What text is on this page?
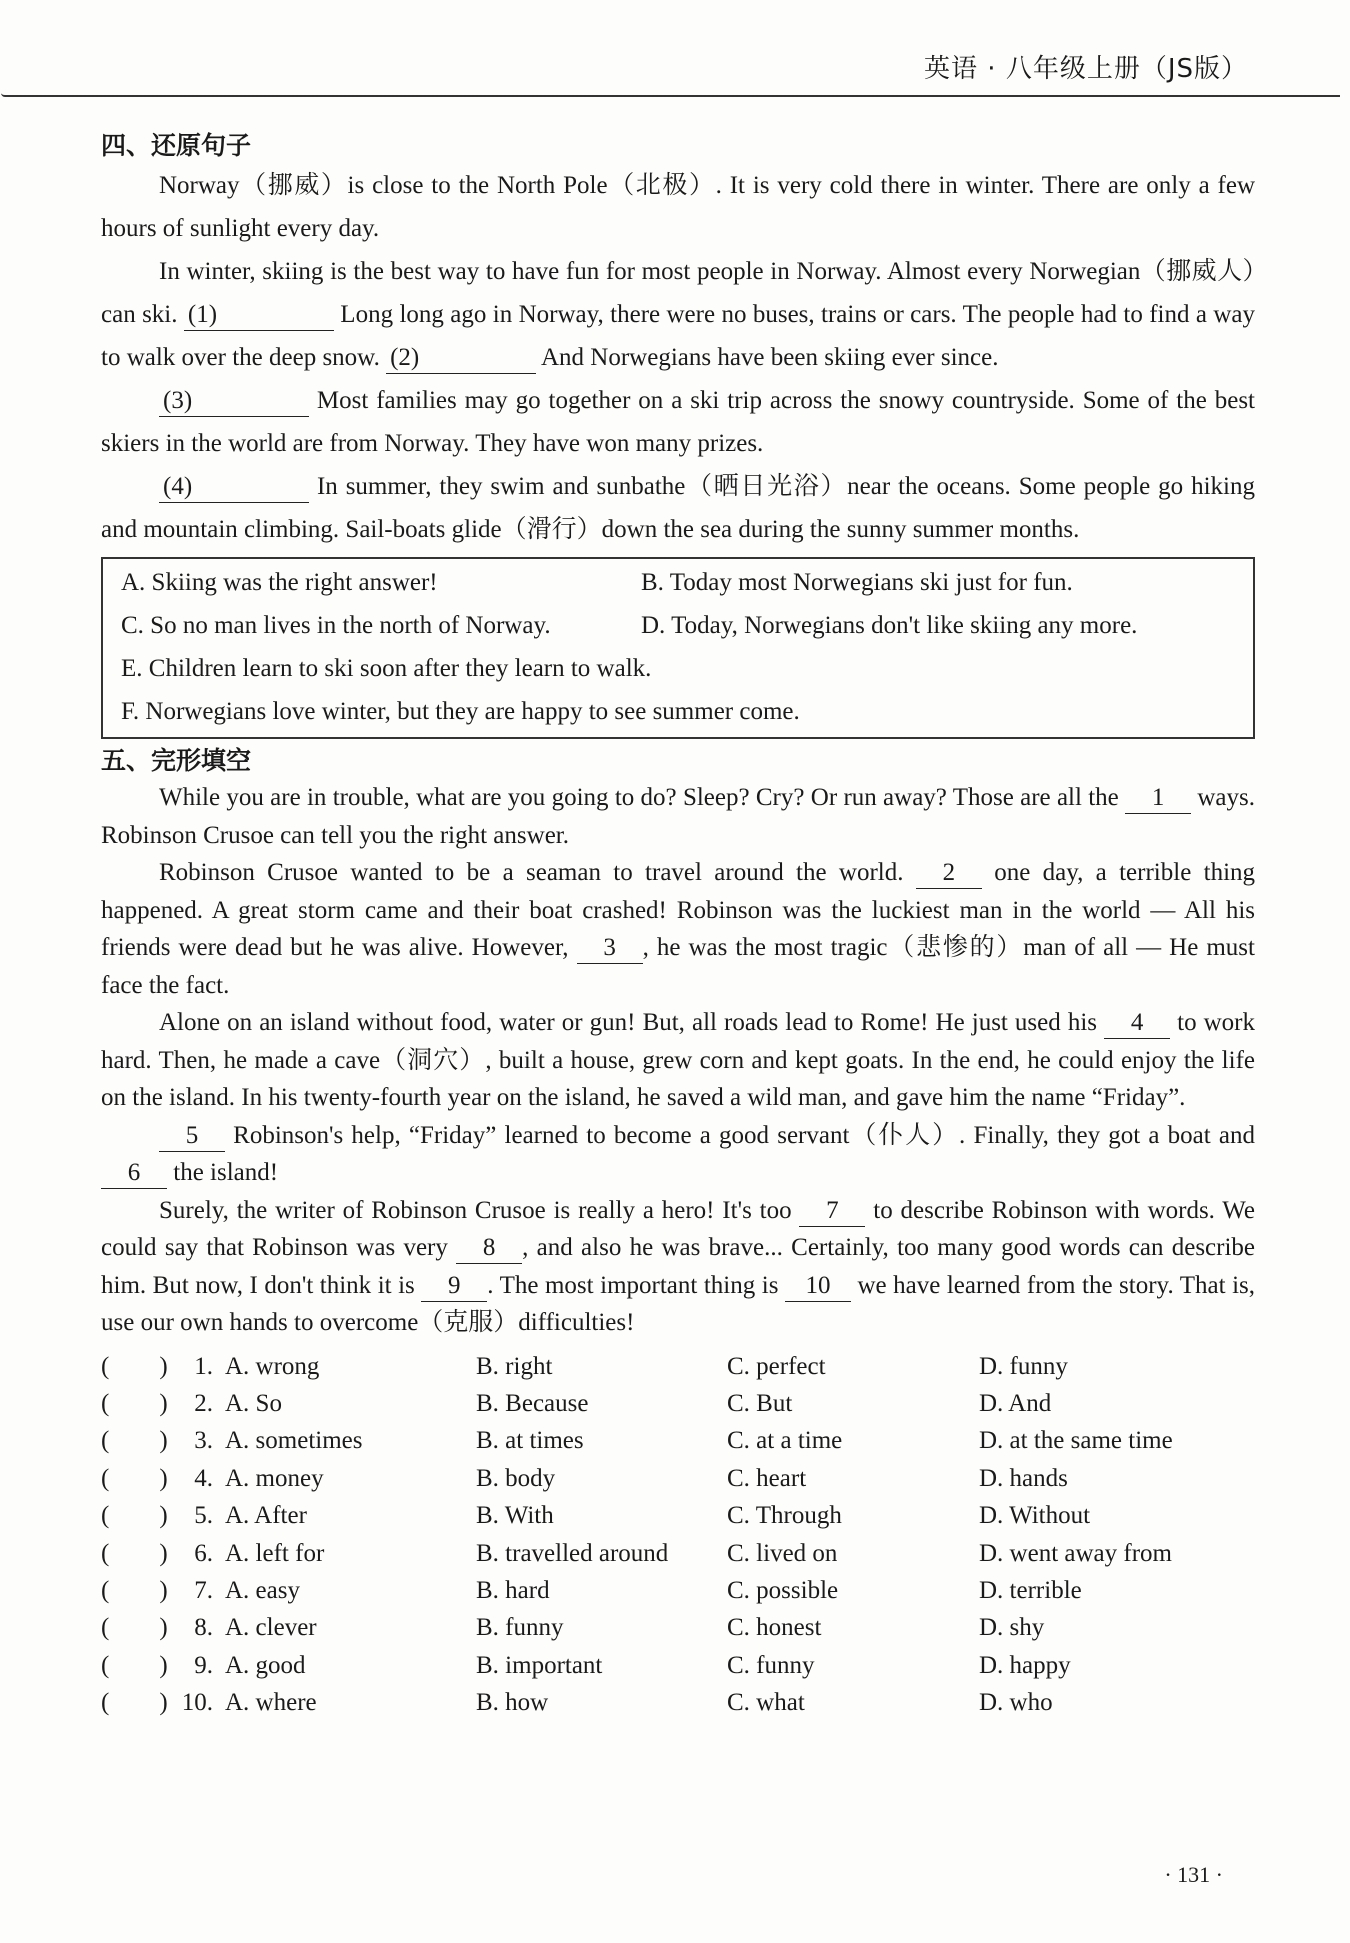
英语 · 八年级上册（JS版）
四、还原句子

Norway（挪威）is close to the North Pole（北极）. It is very cold there in winter. There are only a few hours of sunlight every day.

In winter, skiing is the best way to have fun for most people in Norway. Almost every Norwegian（挪威人）can ski. (1)	Long long ago in Norway, there were no buses, trains or cars. The people had to find a way to walk over the deep snow. (2)	And Norwegians have been skiing ever since.

(3)	Most families may go together on a ski trip across the snowy countryside. Some of the best skiers in the world are from Norway. They have won many prizes.

(4)	In summer, they swim and sunbathe（晒日光浴）near the oceans. Some people go hiking and mountain climbing. Sail-boats glide（滑行）down the sea during the sunny summer months.

A. Skiing was the right answer!	B. Today most Norwegians ski just for fun.
C. So no man lives in the north of Norway.	D. Today, Norwegians don't like skiing any more.
E. Children learn to ski soon after they learn to walk.
F. Norwegians love winter, but they are happy to see summer come.
五、完形填空

While you are in trouble, what are you going to do? Sleep? Cry? Or run away? Those are all the 1 ways. Robinson Crusoe can tell you the right answer.

Robinson Crusoe wanted to be a seaman to travel around the world. 2 one day, a terrible thing happened. A great storm came and their boat crashed! Robinson was the luckiest man in the world — All his friends were dead but he was alive. However, 3 , he was the most tragic（悲惨的）man of all — He must face the fact.

Alone on an island without food, water or gun! But, all roads lead to Rome! He just used his 4 to work hard. Then, he made a cave（洞穴）, built a house, grew corn and kept goats. In the end, he could enjoy the life on the island. In his twenty-fourth year on the island, he saved a wild man, and gave him the name “Friday”.

5 Robinson's help, “Friday” learned to become a good servant（仆人）. Finally, they got a boat and 6 the island!

Surely, the writer of Robinson Crusoe is really a hero! It's too 7 to describe Robinson with words. We could say that Robinson was very 8 , and also he was brave... Certainly, too many good words can describe him. But now, I don't think it is 9 . The most important thing is 10 we have learned from the story. That is, use our own hands to overcome（克服）difficulties!

(　　)	1. A. wrong	B. right	C. perfect	D. funny
(　　)	2. A. So	B. Because	C. But	D. And
(　　)	3. A. sometimes	B. at times	C. at a time	D. at the same time
(　　)	4. A. money	B. body	C. heart	D. hands
(　　)	5. A. After	B. With	C. Through	D. Without
(　　)	6. A. left for	B. travelled around	C. lived on	D. went away from
(　　)	7. A. easy	B. hard	C. possible	D. terrible
(　　)	8. A. clever	B. funny	C. honest	D. shy
(　　)	9. A. good	B. important	C. funny	D. happy
(　　) 10. A. where	B. how	C. what	D. who
· 131 ·
